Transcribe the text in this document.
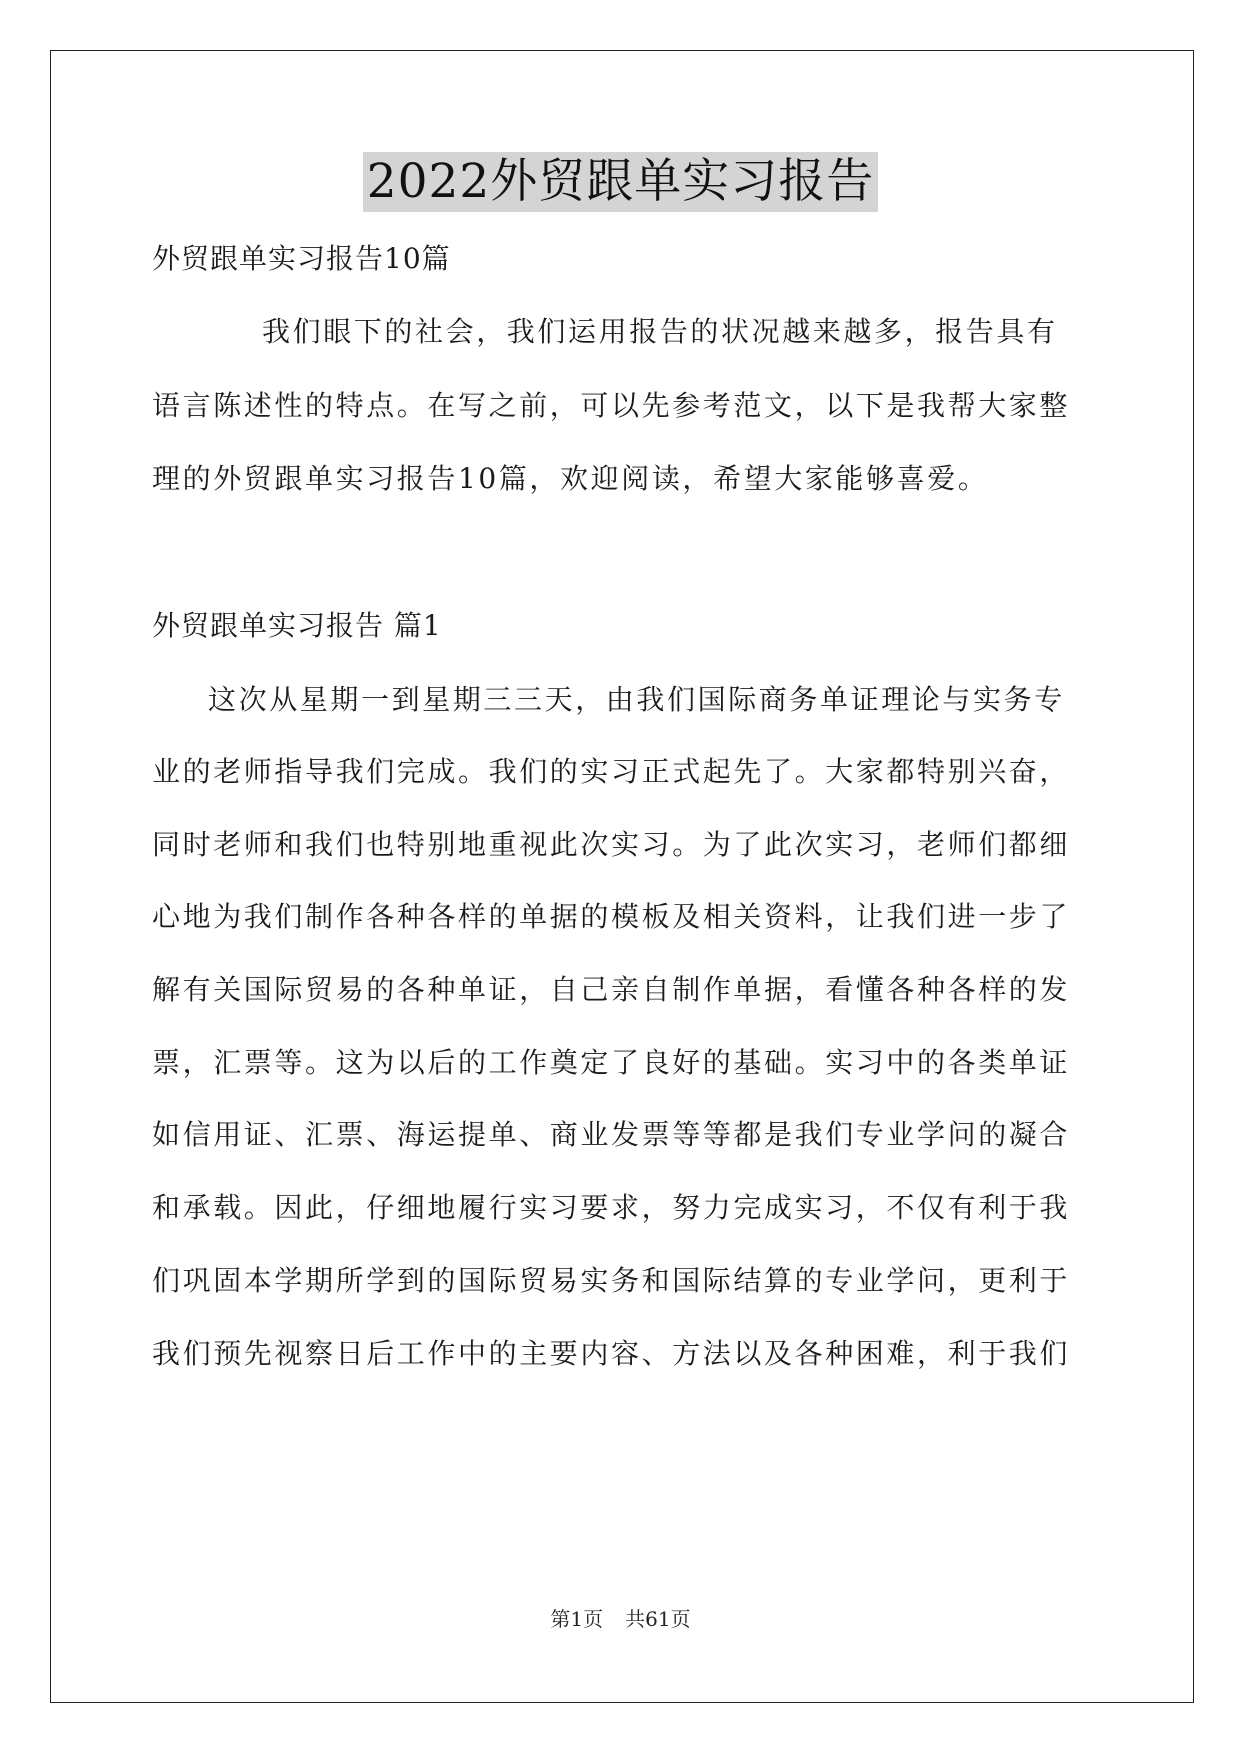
2022外贸跟单实习报告
外贸跟单实习报告10篇
我们眼下的社会，我们运用报告的状况越来越多，报告具有
语言陈述性的特点。在写之前，可以先参考范文，以下是我帮大家整
理的外贸跟单实习报告10篇，欢迎阅读，希望大家能够喜爱。
外贸跟单实习报告 篇1
这次从星期一到星期三三天，由我们国际商务单证理论与实务专
业的老师指导我们完成。我们的实习正式起先了。大家都特别兴奋，
同时老师和我们也特别地重视此次实习。为了此次实习，老师们都细
心地为我们制作各种各样的单据的模板及相关资料，让我们进一步了
解有关国际贸易的各种单证，自己亲自制作单据，看懂各种各样的发
票，汇票等。这为以后的工作奠定了良好的基础。实习中的各类单证
如信用证、汇票、海运提单、商业发票等等都是我们专业学问的凝合
和承载。因此，仔细地履行实习要求，努力完成实习，不仅有利于我
们巩固本学期所学到的国际贸易实务和国际结算的专业学问，更利于
我们预先视察日后工作中的主要内容、方法以及各种困难，利于我们
第1页 共61页
